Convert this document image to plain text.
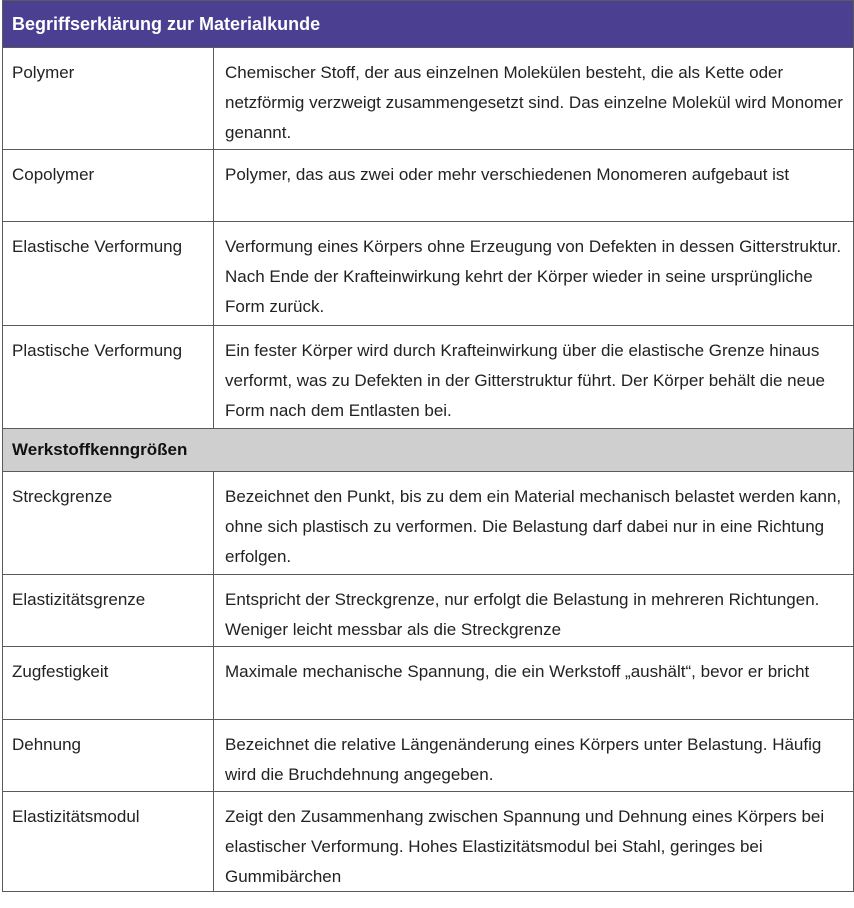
Begriffserklärung zur Materialkunde
Polymer	Chemischer Stoff, der aus einzelnen Molekülen besteht, die als Kette oder netzförmig verzweigt zusammengesetzt sind. Das einzelne Molekül wird Monomer genannt.
Copolymer	Polymer, das aus zwei oder mehr verschiedenen Monomeren aufgebaut ist
Elastische Verformung	Verformung eines Körpers ohne Erzeugung von Defekten in dessen Gitterstruktur. Nach Ende der Krafteinwirkung kehrt der Körper wieder in seine ursprüngliche Form zurück.
Plastische Verformung	Ein fester Körper wird durch Krafteinwirkung über die elastische Grenze hinaus verformt, was zu Defekten in der Gitterstruktur führt. Der Körper behält die neue Form nach dem Entlasten bei.
Werkstoffkenngrößen
Streckgrenze	Bezeichnet den Punkt, bis zu dem ein Material mechanisch belastet werden kann, ohne sich plastisch zu verformen. Die Belastung darf dabei nur in eine Richtung erfolgen.
Elastizitätsgrenze	Entspricht der Streckgrenze, nur erfolgt die Belastung in mehreren Richtungen. Weniger leicht messbar als die Streckgrenze
Zugfestigkeit	Maximale mechanische Spannung, die ein Werkstoff „aushält“, bevor er bricht
Dehnung	Bezeichnet die relative Längenänderung eines Körpers unter Belastung. Häufig wird die Bruchdehnung angegeben.
Elastizitätsmodul	Zeigt den Zusammenhang zwischen Spannung und Dehnung eines Körpers bei elastischer Verformung. Hohes Elastizitätsmodul bei Stahl, geringes bei Gummibärchen
